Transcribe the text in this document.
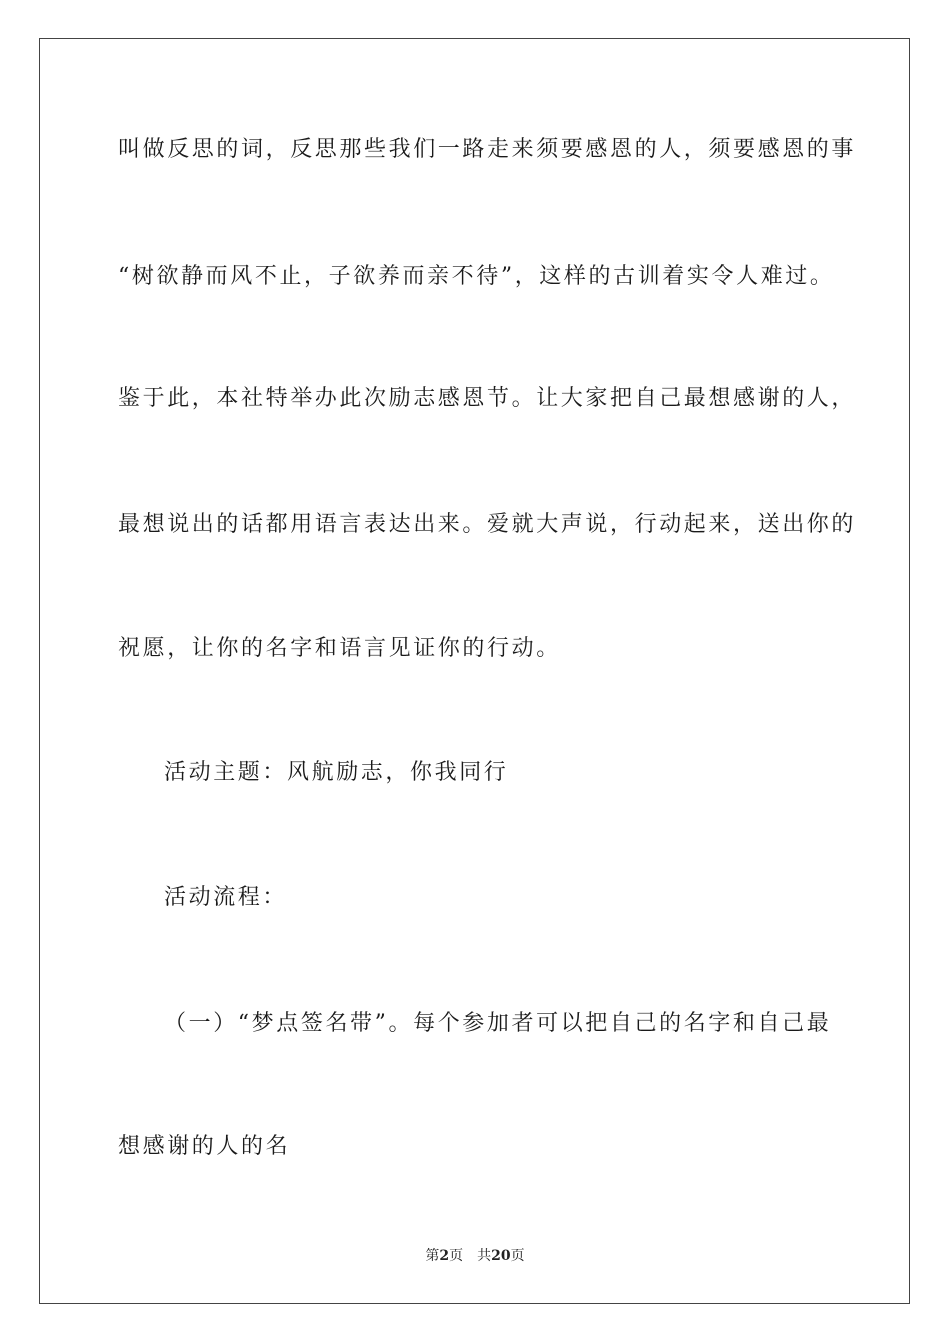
叫做反思的词，反思那些我们一路走来须要感恩的人，须要感恩的事
“树欲静而风不止，子欲养而亲不待”，这样的古训着实令人难过。
鉴于此，本社特举办此次励志感恩节。让大家把自己最想感谢的人，
最想说出的话都用语言表达出来。爱就大声说，行动起来，送出你的
祝愿，让你的名字和语言见证你的行动。
活动主题：风航励志，你我同行
活动流程：
（一）“梦点签名带”。每个参加者可以把自己的名字和自己最
想感谢的人的名
第2页 共20页
